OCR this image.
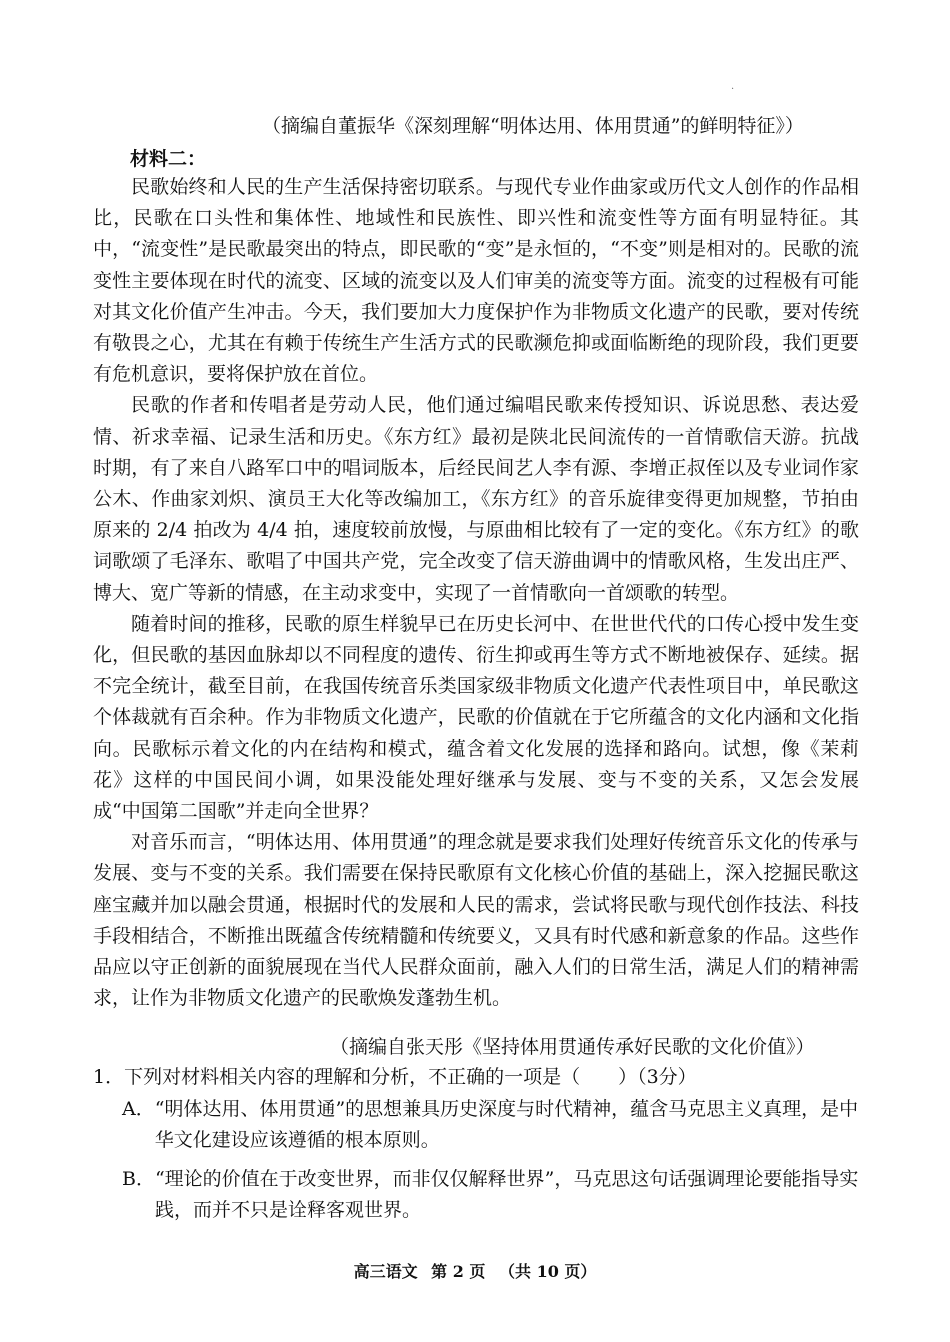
·
（摘编自董振华《深刻理解“明体达用、体用贯通”的鲜明特征》）
材料二：

民歌始终和人民的生产生活保持密切联系。与现代专业作曲家或历代文人创作的作品相比，民歌在口头性和集体性、地域性和民族性、即兴性和流变性等方面有明显特征。其中，“流变性”是民歌最突出的特点，即民歌的“变”是永恒的，“不变”则是相对的。民歌的流变性主要体现在时代的流变、区域的流变以及人们审美的流变等方面。流变的过程极有可能对其文化价值产生冲击。今天，我们要加大力度保护作为非物质文化遗产的民歌，要对传统有敬畏之心，尤其在有赖于传统生产生活方式的民歌濒危抑或面临断绝的现阶段，我们更要有危机意识，要将保护放在首位。

民歌的作者和传唱者是劳动人民，他们通过编唱民歌来传授知识、诉说思愁、表达爱情、祈求幸福、记录生活和历史。《东方红》最初是陕北民间流传的一首情歌信天游。抗战时期，有了来自八路军口中的唱词版本，后经民间艺人李有源、李增正叔侄以及专业词作家公木、作曲家刘炽、演员王大化等改编加工，《东方红》的音乐旋律变得更加规整，节拍由原来的 2/4 拍改为 4/4 拍，速度较前放慢，与原曲相比较有了一定的变化。《东方红》的歌词歌颂了毛泽东、歌唱了中国共产党，完全改变了信天游曲调中的情歌风格，生发出庄严、博大、宽广等新的情感，在主动求变中，实现了一首情歌向一首颂歌的转型。

随着时间的推移，民歌的原生样貌早已在历史长河中、在世世代代的口传心授中发生变化，但民歌的基因血脉却以不同程度的遗传、衍生抑或再生等方式不断地被保存、延续。据不完全统计，截至目前，在我国传统音乐类国家级非物质文化遗产代表性项目中，单民歌这个体裁就有百余种。作为非物质文化遗产，民歌的价值就在于它所蕴含的文化内涵和文化指向。民歌标示着文化的内在结构和模式，蕴含着文化发展的选择和路向。试想，像《茉莉花》这样的中国民间小调，如果没能处理好继承与发展、变与不变的关系，又怎会发展成“中国第二国歌”并走向全世界？

对音乐而言，“明体达用、体用贯通”的理念就是要求我们处理好传统音乐文化的传承与发展、变与不变的关系。我们需要在保持民歌原有文化核心价值的基础上，深入挖掘民歌这座宝藏并加以融会贯通，根据时代的发展和人民的需求，尝试将民歌与现代创作技法、科技手段相结合，不断推出既蕴含传统精髓和传统要义，又具有时代感和新意象的作品。这些作品应以守正创新的面貌展现在当代人民群众面前，融入人们的日常生活，满足人们的精神需求，让作为非物质文化遗产的民歌焕发蓬勃生机。

（摘编自张天彤《坚持体用贯通传承好民歌的文化价值》）
1．下列对材料相关内容的理解和分析，不正确的一项是（　　）（3分）
A． “明体达用、体用贯通”的思想兼具历史深度与时代精神，蕴含马克思主义真理，是中华文化建设应该遵循的根本原则。
B． “理论的价值在于改变世界，而非仅仅解释世界”，马克思这句话强调理论要能指导实践，而并不只是诠释客观世界。
高三语文 第 2 页 （共 10 页）
